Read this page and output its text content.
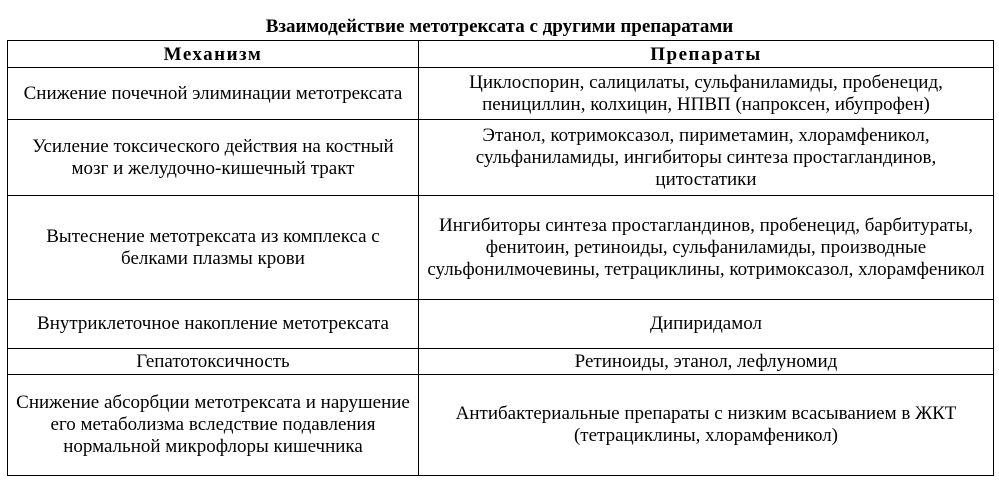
Взаимодействие метотрексата с другими препаратами
Механизм	Препараты
Снижение почечной элиминации метотрексата	Циклоспорин, салицилаты, сульфаниламиды, пробенецид, пенициллин, колхицин, НПВП (напроксен, ибупрофен)
Усиление токсического действия на костный мозг и желудочно-кишечный тракт	Этанол, котримоксазол, пириметамин, хлорамфеникол, сульфаниламиды, ингибиторы синтеза простагландинов, цитостатики
Вытеснение метотрексата из комплекса с белками плазмы крови	Ингибиторы синтеза простагландинов, пробенецид, барбитураты, фенитоин, ретиноиды, сульфаниламиды, производные сульфонилмочевины, тетрациклины, котримоксазол, хлорамфеникол
Внутриклеточное накопление метотрексата	Дипиридамол
Гепатотоксичность	Ретиноиды, этанол, лефлуномид
Снижение абсорбции метотрексата и нарушение его метаболизма вследствие подавления нормальной микрофлоры кишечника	Антибактериальные препараты с низким всасыванием в ЖКТ (тетрациклины, хлорамфеникол)
